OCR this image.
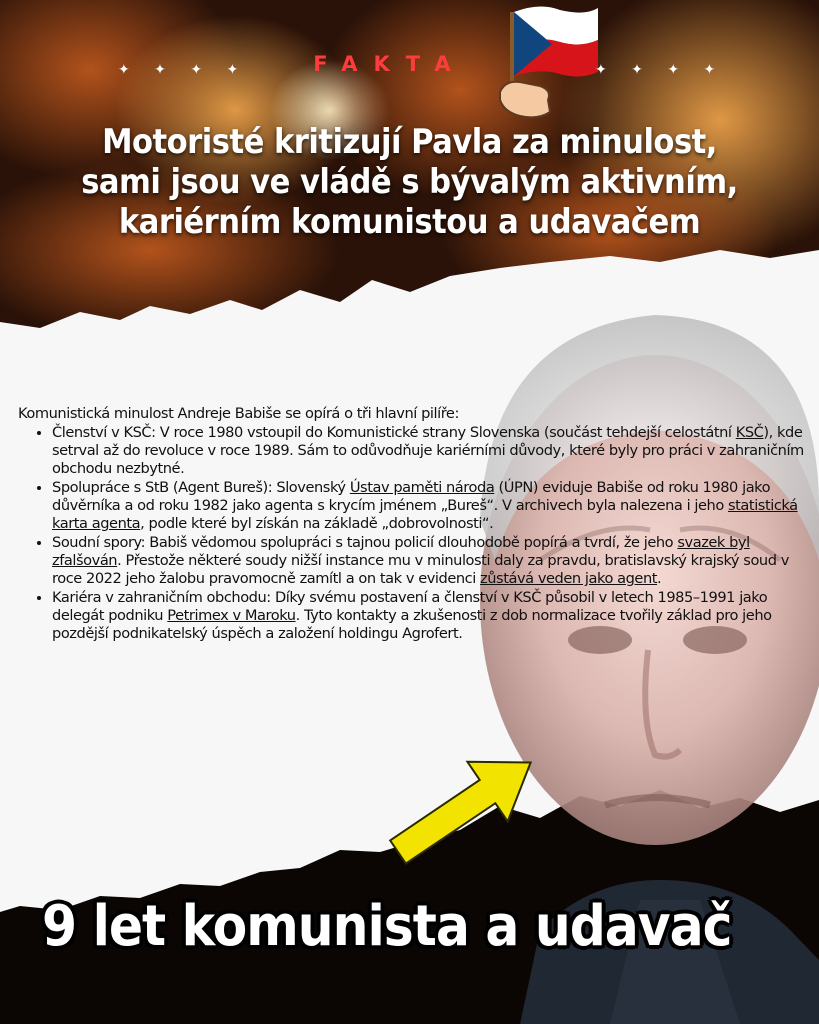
✦ ✦ ✦ ✦	FAKTA	✦ ✦ ✦ ✦
Motoristé kritizují Pavla za minulost,
sami jsou ve vládě s bývalým aktivním,
kariérním komunistou a udavačem

Komunistická minulost Andreje Babiše se opírá o tři hlavní pilíře:

• Členství v KSČ: V roce 1980 vstoupil do Komunistické strany Slovenska (součást tehdejší celostátní KSČ), kde setrval až do revoluce v roce 1989. Sám to odůvodňuje kariérními důvody, které byly pro práci v zahraničním obchodu nezbytné.
• Spolupráce s StB (Agent Bureš): Slovenský Ústav paměti národa (ÚPN) eviduje Babiše od roku 1980 jako důvěrníka a od roku 1982 jako agenta s krycím jménem „Bureš“. V archivech byla nalezena i jeho statistická karta agenta, podle které byl získán na základě „dobrovolnosti“.
• Soudní spory: Babiš vědomou spolupráci s tajnou policií dlouhodobě popírá a tvrdí, že jeho svazek byl zfalšován. Přestože některé soudy nižší instance mu v minulosti daly za pravdu, bratislavský krajský soud v roce 2022 jeho žalobu pravomocně zamítl a on tak v evidenci zůstává veden jako agent.
• Kariéra v zahraničním obchodu: Díky svému postavení a členství v KSČ působil v letech 1985–1991 jako delegát podniku Petrimex v Maroku. Tyto kontakty a zkušenosti z dob normalizace tvořily základ pro jeho pozdější podnikatelský úspěch a založení holdingu Agrofert.
9 let komunista a udavač
